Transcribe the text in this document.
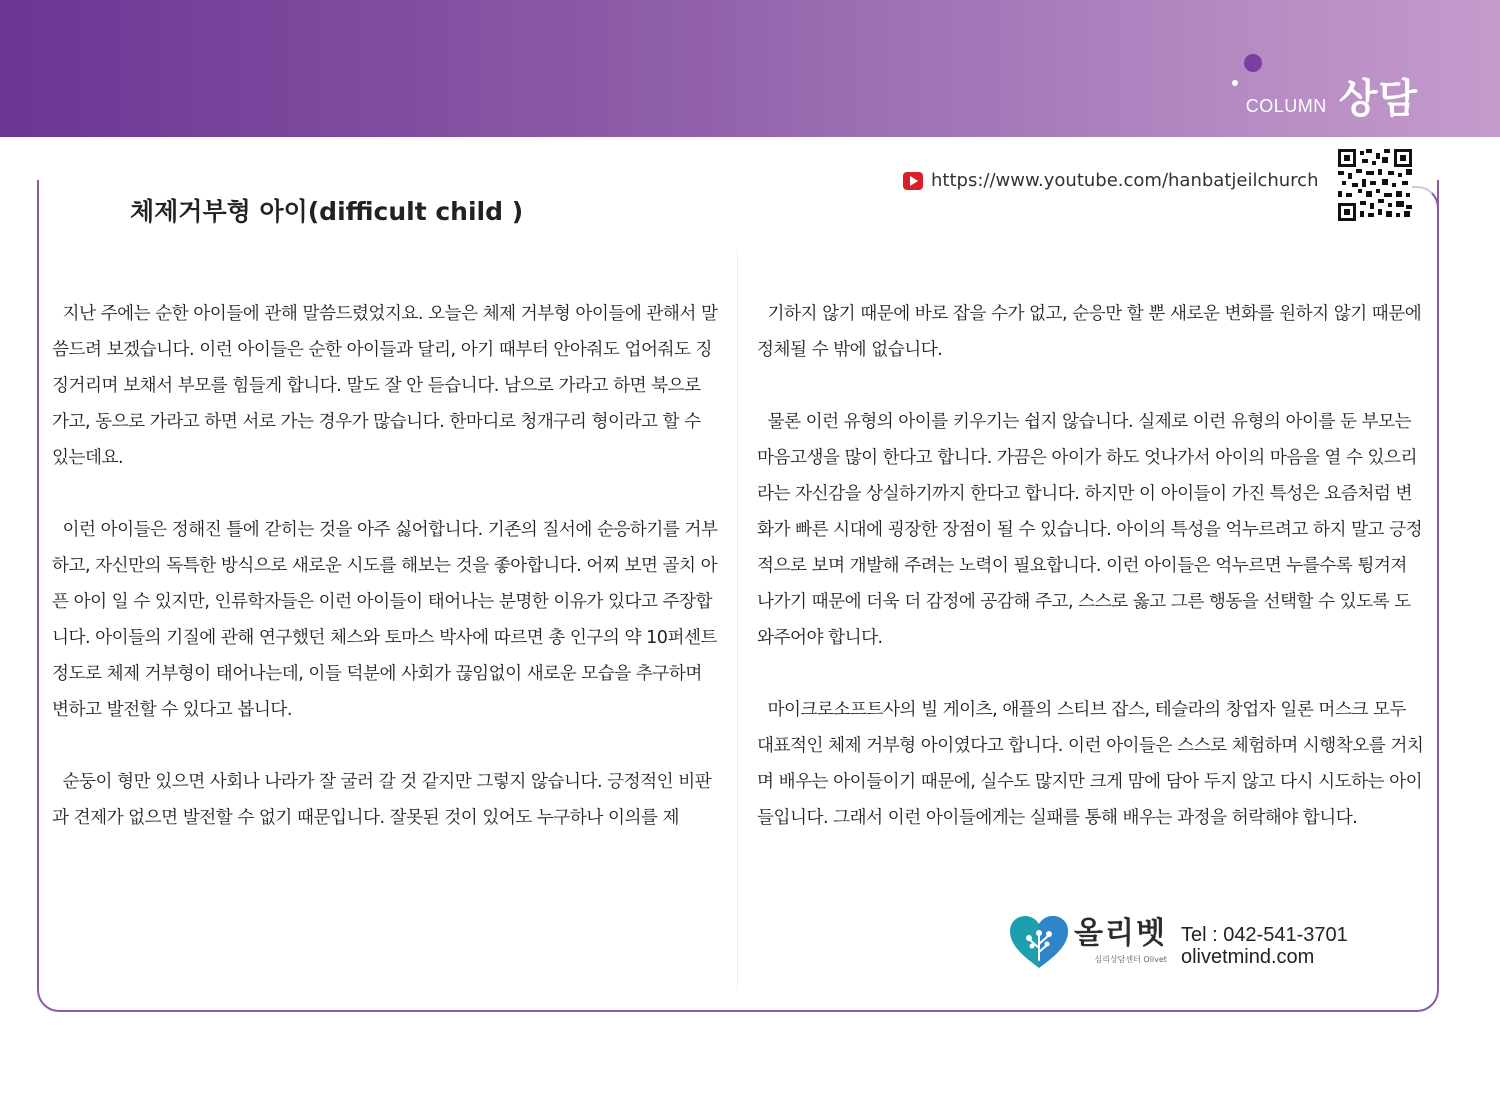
COLUMN 상담
https://www.youtube.com/hanbatjeilchurch
체제거부형 아이(difficult child )

지난 주에는 순한 아이들에 관해 말씀드렸었지요. 오늘은 체제 거부형 아이들에 관해서 말씀드려 보겠습니다. 이런 아이들은 순한 아이들과 달리, 아기 때부터 안아줘도 업어줘도 징징거리며 보채서 부모를 힘들게 합니다. 말도 잘 안 듣습니다. 남으로 가라고 하면 북으로 가고, 동으로 가라고 하면 서로 가는 경우가 많습니다. 한마디로 청개구리 형이라고 할 수 있는데요.

이런 아이들은 정해진 틀에 갇히는 것을 아주 싫어합니다. 기존의 질서에 순응하기를 거부하고, 자신만의 독특한 방식으로 새로운 시도를 해보는 것을 좋아합니다. 어찌 보면 골치 아픈 아이 일 수 있지만, 인류학자들은 이런 아이들이 태어나는 분명한 이유가 있다고 주장합니다. 아이들의 기질에 관해 연구했던 체스와 토마스 박사에 따르면 총 인구의 약 10퍼센트 정도로 체제 거부형이 태어나는데, 이들 덕분에 사회가 끊임없이 새로운 모습을 추구하며 변하고 발전할 수 있다고 봅니다.

순둥이 형만 있으면 사회나 나라가 잘 굴러 갈 것 같지만 그렇지 않습니다. 긍정적인 비판과 견제가 없으면 발전할 수 없기 때문입니다. 잘못된 것이 있어도 누구하나 이의를 제

기하지 않기 때문에 바로 잡을 수가 없고, 순응만 할 뿐 새로운 변화를 원하지 않기 때문에 정체될 수 밖에 없습니다.

물론 이런 유형의 아이를 키우기는 쉽지 않습니다. 실제로 이런 유형의 아이를 둔 부모는 마음고생을 많이 한다고 합니다. 가끔은 아이가 하도 엇나가서 아이의 마음을 열 수 있으리라는 자신감을 상실하기까지 한다고 합니다. 하지만 이 아이들이 가진 특성은 요즘처럼 변화가 빠른 시대에 굉장한 장점이 될 수 있습니다. 아이의 특성을 억누르려고 하지 말고 긍정적으로 보며 개발해 주려는 노력이 필요합니다. 이런 아이들은 억누르면 누를수록 튕겨져 나가기 때문에 더욱 더 감정에 공감해 주고, 스스로 옳고 그른 행동을 선택할 수 있도록 도와주어야 합니다.

마이크로소프트사의 빌 게이츠, 애플의 스티브 잡스, 테슬라의 창업자 일론 머스크 모두 대표적인 체제 거부형 아이였다고 합니다. 이런 아이들은 스스로 체험하며 시행착오를 거치며 배우는 아이들이기 때문에, 실수도 많지만 크게 맘에 담아 두지 않고 다시 시도하는 아이들입니다. 그래서 이런 아이들에게는 실패를 통해 배우는 과정을 허락해야 합니다.

올리벳
심리상담센터 Olivet
Tel : 042-541-3701
olivetmind.com
